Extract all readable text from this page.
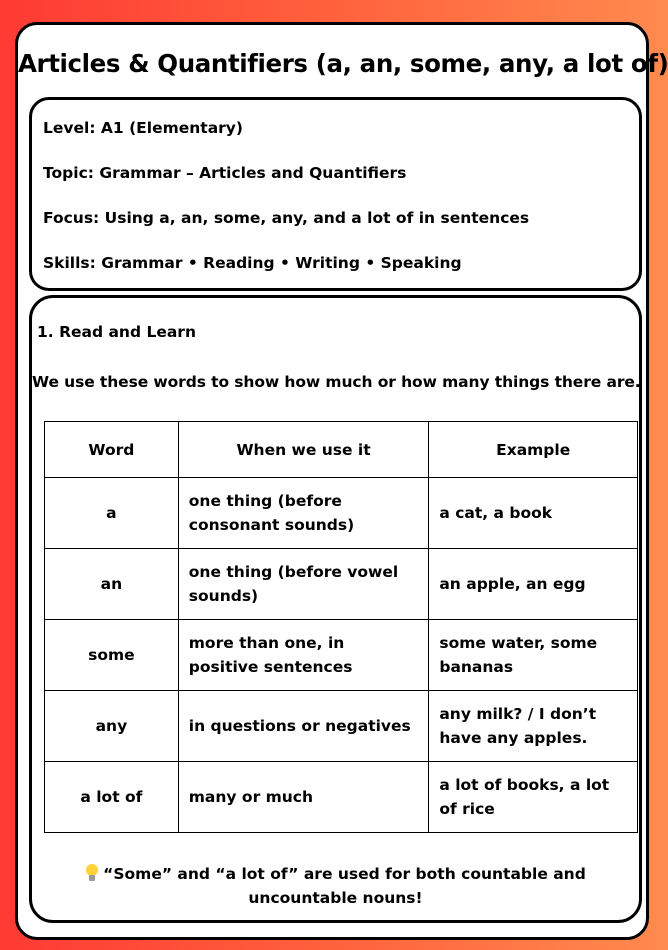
Articles & Quantifiers (a, an, some, any, a lot of)

Level: A1 (Elementary)

Topic: Grammar – Articles and Quantifiers

Focus: Using a, an, some, any, and a lot of in sentences

Skills: Grammar • Reading • Writing • Speaking

1. Read and Learn
We use these words to show how much or how many things there are.
Word	When we use it	Example
a	one thing (before consonant sounds)	a cat, a book
an	one thing (before vowel sounds)	an apple, an egg
some	more than one, in positive sentences	some water, some bananas
any	in questions or negatives	any milk? / I don’t have any apples.
a lot of	many or much	a lot of books, a lot of rice
“Some” and “a lot of” are used for both countable and uncountable nouns!
